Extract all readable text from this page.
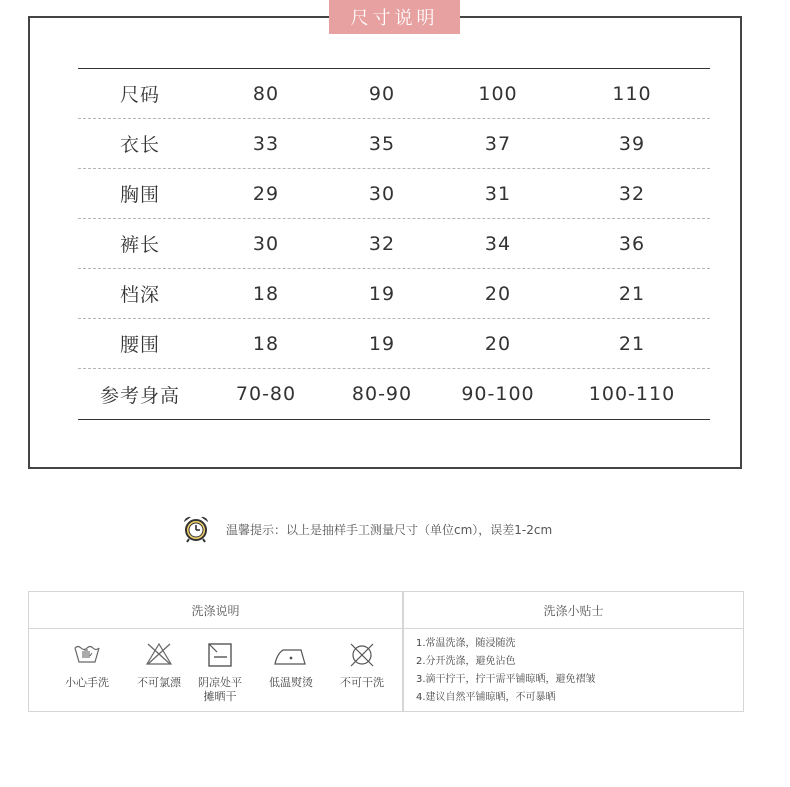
尺寸说明
尺码	80	90	100	110
衣长	33	35	37	39
胸围	29	30	31	32
裤长	30	32	34	36
档深	18	19	20	21
腰围	18	19	20	21
参考身高	70-80	80-90	90-100	100-110
温馨提示：以上是抽样手工测量尺寸（单位cm），误差1-2cm
洗涤说明	洗涤小贴士
小心手洗	不可氯漂	阴凉处平
摊晒干
低温熨烫	不可干洗
1.常温洗涤，随浸随洗
2.分开洗涤，避免沾色
3.滴干拧干，拧干需平铺晾晒，避免褶皱
4.建议自然平铺晾晒，不可暴晒
